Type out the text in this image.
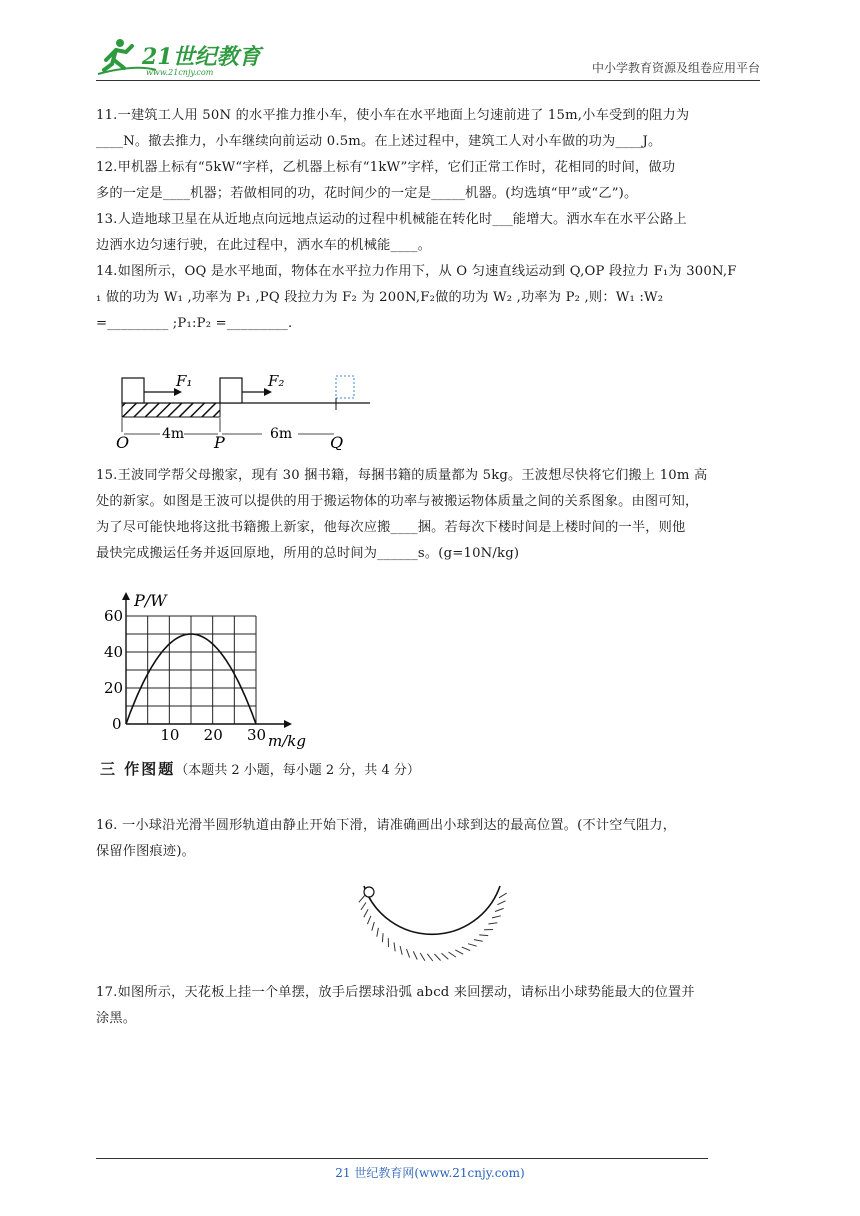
21世纪教育
www.21cnjy.com	中小学教育资源及组卷应用平台

11.一建筑工人用 50N 的水平推力推小车，使小车在水平地面上匀速前进了 15m,小车受到的阻力为

____N。撤去推力，小车继续向前运动 0.5m。在上述过程中，建筑工人对小车做的功为____J。

12.甲机器上标有“5kW“字样，乙机器上标有“1kW”字样，它们正常工作时，花相同的时间，做功

多的一定是____机器；若做相同的功，花时间少的一定是_____机器。(均选填“甲”或“乙”)。

13.人造地球卫星在从近地点向远地点运动的过程中机械能在转化时___能增大。洒水车在水平公路上

边洒水边匀速行驶，在此过程中，洒水车的机械能____。

14.如图所示，OQ 是水平地面，物体在水平拉力作用下，从 O 匀速直线运动到 Q,OP 段拉力 F₁为 300N,F

₁ 做的功为 W₁ ,功率为 P₁ ,PQ 段拉力为 F₂ 为 200N,F₂做的功为 W₂ ,功率为 P₂ ,则：W₁ :W₂

=_________ ;P₁:P₂ =_________.

F₁	F₂
4m	6m
O	P	Q

15.王波同学帮父母搬家，现有 30 捆书籍，每捆书籍的质量都为 5kg。王波想尽快将它们搬上 10m 高

处的新家。如图是王波可以提供的用于搬运物体的功率与被搬运物体质量之间的关系图象。由图可知，

为了尽可能快地将这批书籍搬上新家，他每次应搬____捆。若每次下楼时间是上楼时间的一半，则他

最快完成搬运任务并返回原地，所用的总时间为______s。(g=10N/kg)

10 20 30
0
20
40
60
P/W
m/kg
三 作图题（本题共 2 小题，每小题 2 分，共 4 分）

16. 一小球沿光滑半圆形轨道由静止开始下滑，请准确画出小球到达的最高位置。(不计空气阻力，

保留作图痕迹)。

17.如图所示，天花板上挂一个单摆，放手后摆球沿弧 abcd 来回摆动，请标出小球势能最大的位置并

涂黑。

21 世纪教育网(www.21cnjy.com)
